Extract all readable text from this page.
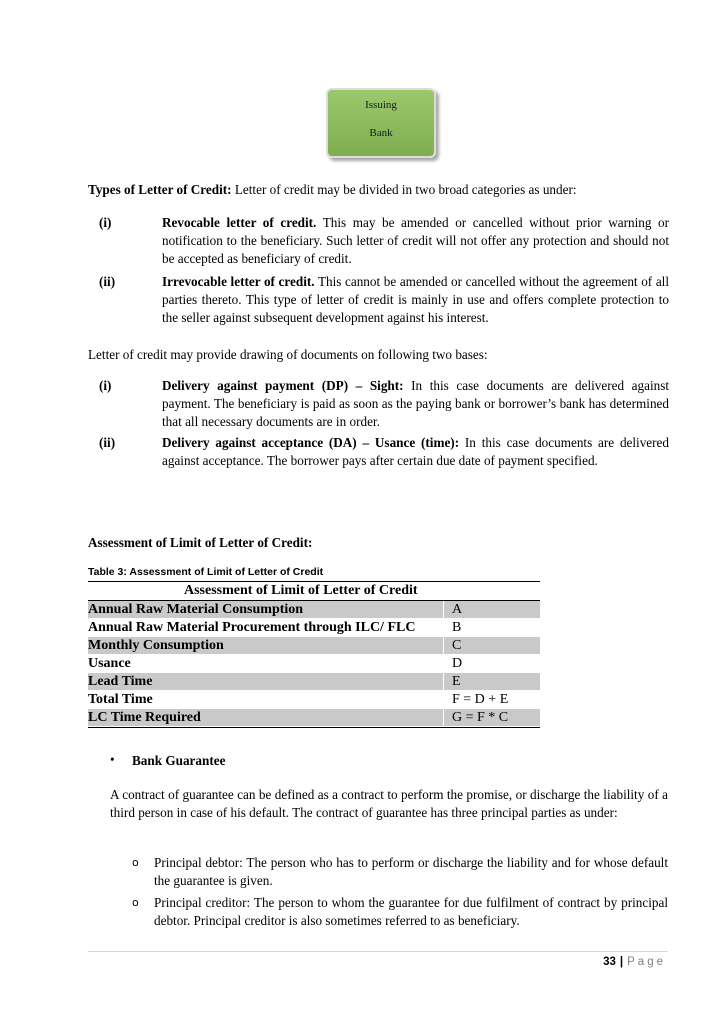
Issuing
Bank
Types of Letter of Credit: Letter of credit may be divided in two broad categories as under:
(i)	Revocable letter of credit. This may be amended or cancelled without prior warning or notification to the beneficiary. Such letter of credit will not offer any protection and should not be accepted as beneficiary of credit.
(ii)	Irrevocable letter of credit. This cannot be amended or cancelled without the agreement of all parties thereto. This type of letter of credit is mainly in use and offers complete protection to the seller against subsequent development against his interest.
Letter of credit may provide drawing of documents on following two bases:
(i)	Delivery against payment (DP) – Sight: In this case documents are delivered against payment. The beneficiary is paid as soon as the paying bank or borrower’s bank has determined that all necessary documents are in order.
(ii)	Delivery against acceptance (DA) – Usance (time): In this case documents are delivered against acceptance. The borrower pays after certain due date of payment specified.
Assessment of Limit of Letter of Credit:
Table 3: Assessment of Limit of Letter of Credit
Assessment of Limit of Letter of Credit
Annual Raw Material Consumption	A
Annual Raw Material Procurement through ILC/ FLC	B
Monthly Consumption	C
Usance	D
Lead Time	E
Total Time	F = D + E
LC Time Required	G = F * C
• Bank Guarantee
A contract of guarantee can be defined as a contract to perform the promise, or discharge the liability of a third person in case of his default. The contract of guarantee has three principal parties as under:
o Principal debtor: The person who has to perform or discharge the liability and for whose default the guarantee is given.
o Principal creditor: The person to whom the guarantee for due fulfilment of contract by principal debtor. Principal creditor is also sometimes referred to as beneficiary.
33 | Page
